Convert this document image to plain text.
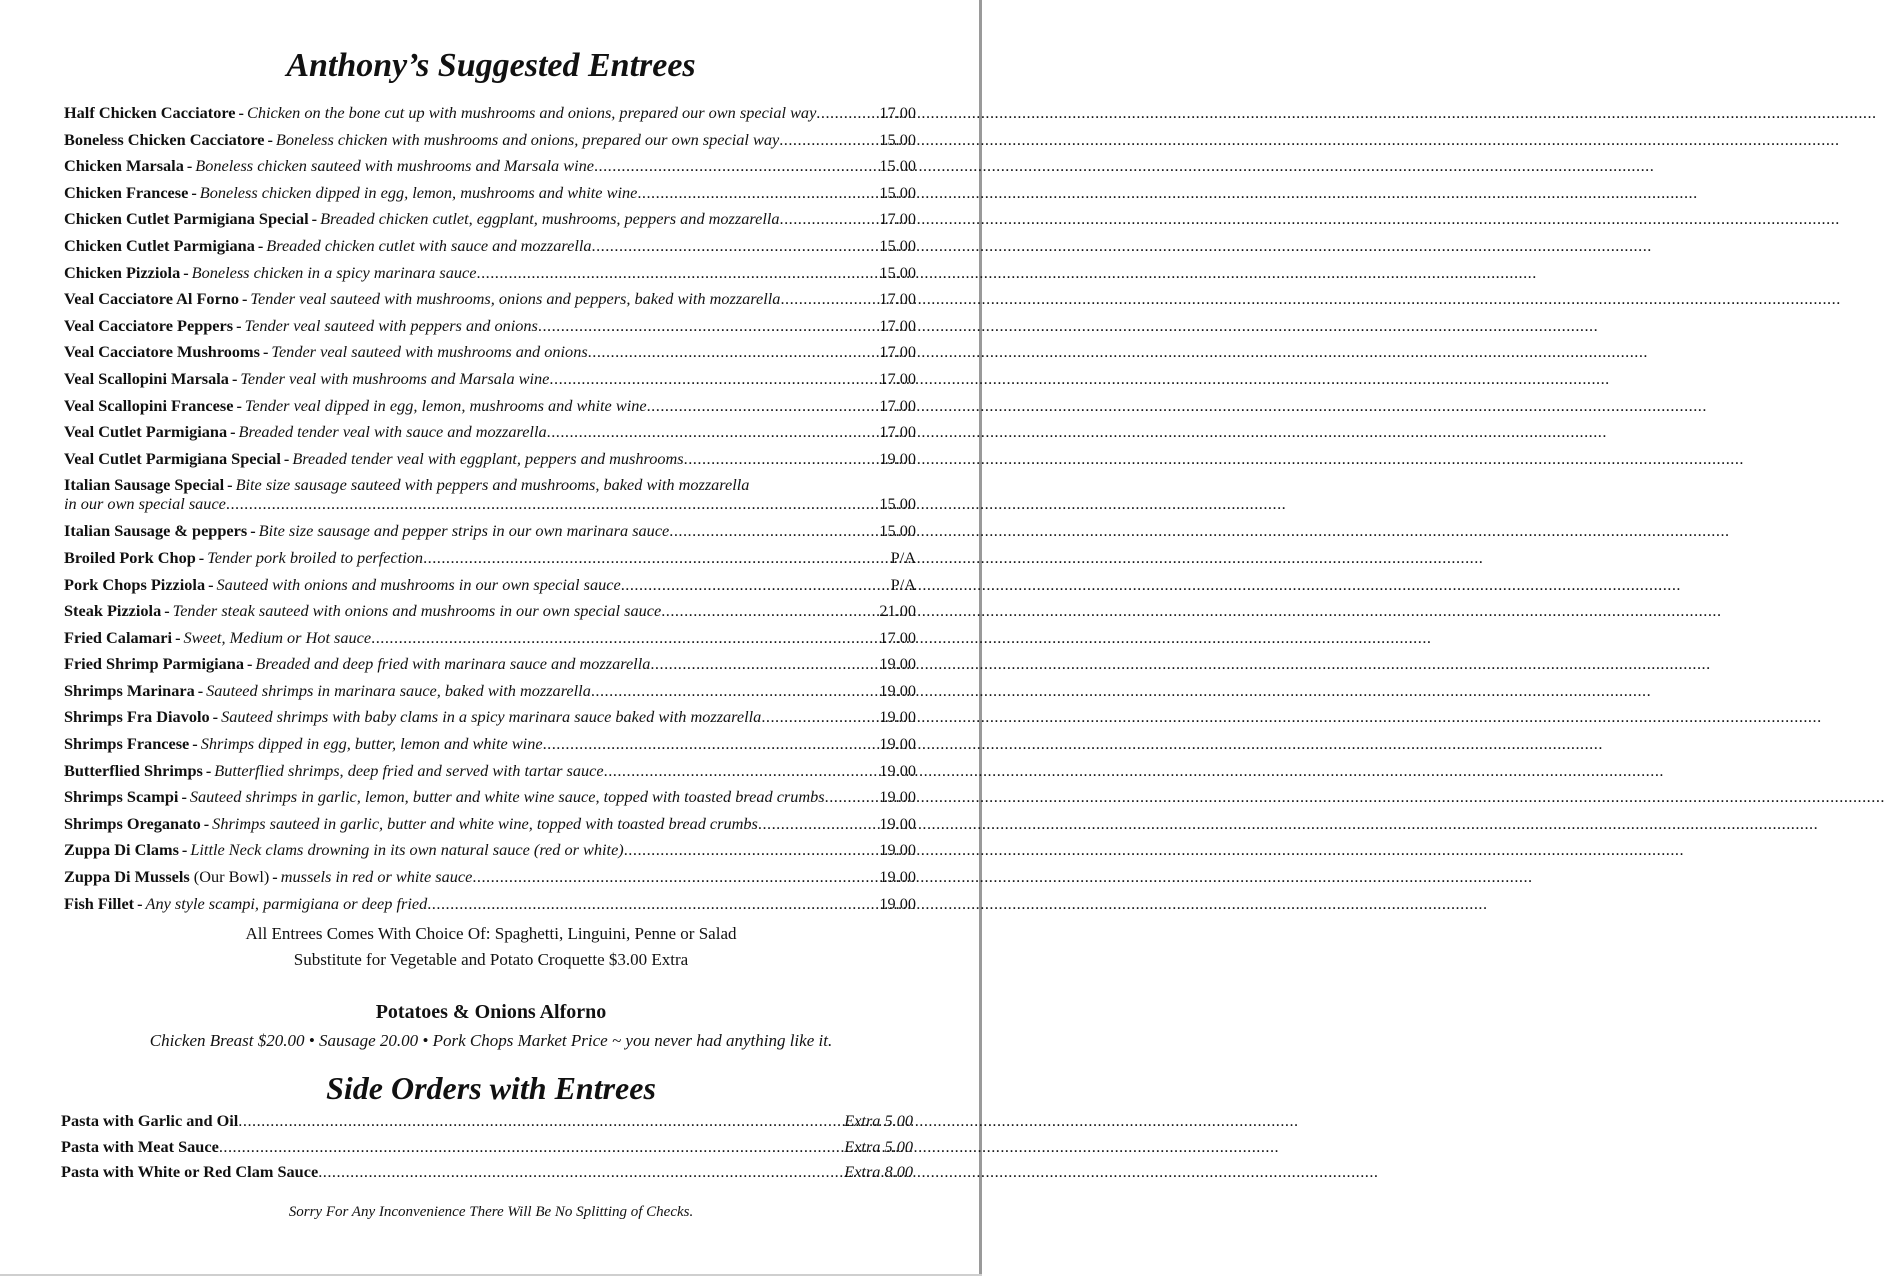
Anthony’s Suggested Entrees
Half Chicken Cacciatore - Chicken on the bone cut up with mushrooms and onions, prepared our own special way .....	17.00
Boneless Chicken Cacciatore - Boneless chicken with mushrooms and onions, prepared our own special way .....	15.00
Chicken Marsala - Boneless chicken sauteed with mushrooms and Marsala wine .....	15.00
Chicken Francese - Boneless chicken dipped in egg, lemon, mushrooms and white wine .....	15.00
Chicken Cutlet Parmigiana Special - Breaded chicken cutlet, eggplant, mushrooms, peppers and mozzarella .....	17.00
Chicken Cutlet Parmigiana - Breaded chicken cutlet with sauce and mozzarella .....	15.00
Chicken Pizziola - Boneless chicken in a spicy marinara sauce .....	15.00
Veal Cacciatore Al Forno - Tender veal sauteed with mushrooms, onions and peppers, baked with mozzarella .....	17.00
Veal Cacciatore Peppers - Tender veal sauteed with peppers and onions .....	17.00
Veal Cacciatore Mushrooms - Tender veal sauteed with mushrooms and onions .....	17.00
Veal Scallopini Marsala - Tender veal with mushrooms and Marsala wine .....	17.00
Veal Scallopini Francese - Tender veal dipped in egg, lemon, mushrooms and white wine .....	17.00
Veal Cutlet Parmigiana - Breaded tender veal with sauce and mozzarella .....	17.00
Veal Cutlet Parmigiana Special - Breaded tender veal with eggplant, peppers and mushrooms .....	19.00
Italian Sausage Special - Bite size sausage sauteed with peppers and mushrooms, baked with mozzarella
in our own special sauce .....	15.00
Italian Sausage & peppers - Bite size sausage and pepper strips in our own marinara sauce .....	15.00
Broiled Pork Chop - Tender pork broiled to perfection .....	P/A
Pork Chops Pizziola - Sauteed with onions and mushrooms in our own special sauce .....	P/A
Steak Pizziola - Tender steak sauteed with onions and mushrooms in our own special sauce .....	21.00
Fried Calamari - Sweet, Medium or Hot sauce .....	17.00
Fried Shrimp Parmigiana - Breaded and deep fried with marinara sauce and mozzarella .....	19.00
Shrimps Marinara - Sauteed shrimps in marinara sauce, baked with mozzarella .....	19.00
Shrimps Fra Diavolo - Sauteed shrimps with baby clams in a spicy marinara sauce baked with mozzarella .....	19.00
Shrimps Francese - Shrimps dipped in egg, butter, lemon and white wine .....	19.00
Butterflied Shrimps - Butterflied shrimps, deep fried and served with tartar sauce .....	19.00
Shrimps Scampi - Sauteed shrimps in garlic, lemon, butter and white wine sauce, topped with toasted bread crumbs .....	19.00
Shrimps Oreganato - Shrimps sauteed in garlic, butter and white wine, topped with toasted bread crumbs .....	19.00
Zuppa Di Clams - Little Neck clams drowning in its own natural sauce (red or white) .....	19.00
Zuppa Di Mussels (Our Bowl) - mussels in red or white sauce .....	19.00
Fish Fillet - Any style scampi, parmigiana or deep fried .....	19.00
All Entrees Comes With Choice Of: Spaghetti, Linguini, Penne or Salad
Substitute for Vegetable and Potato Croquette $3.00 Extra
Potatoes & Onions Alforno
Chicken Breast $20.00 • Sausage 20.00 • Pork Chops Market Price ~ you never had anything like it.
Side Orders with Entrees
Pasta with Garlic and Oil .....	Extra 5.00
Pasta with Meat Sauce .....	Extra 5.00
Pasta with White or Red Clam Sauce .....	Extra 8.00
Sorry For Any Inconvenience There Will Be No Splitting of Checks.
